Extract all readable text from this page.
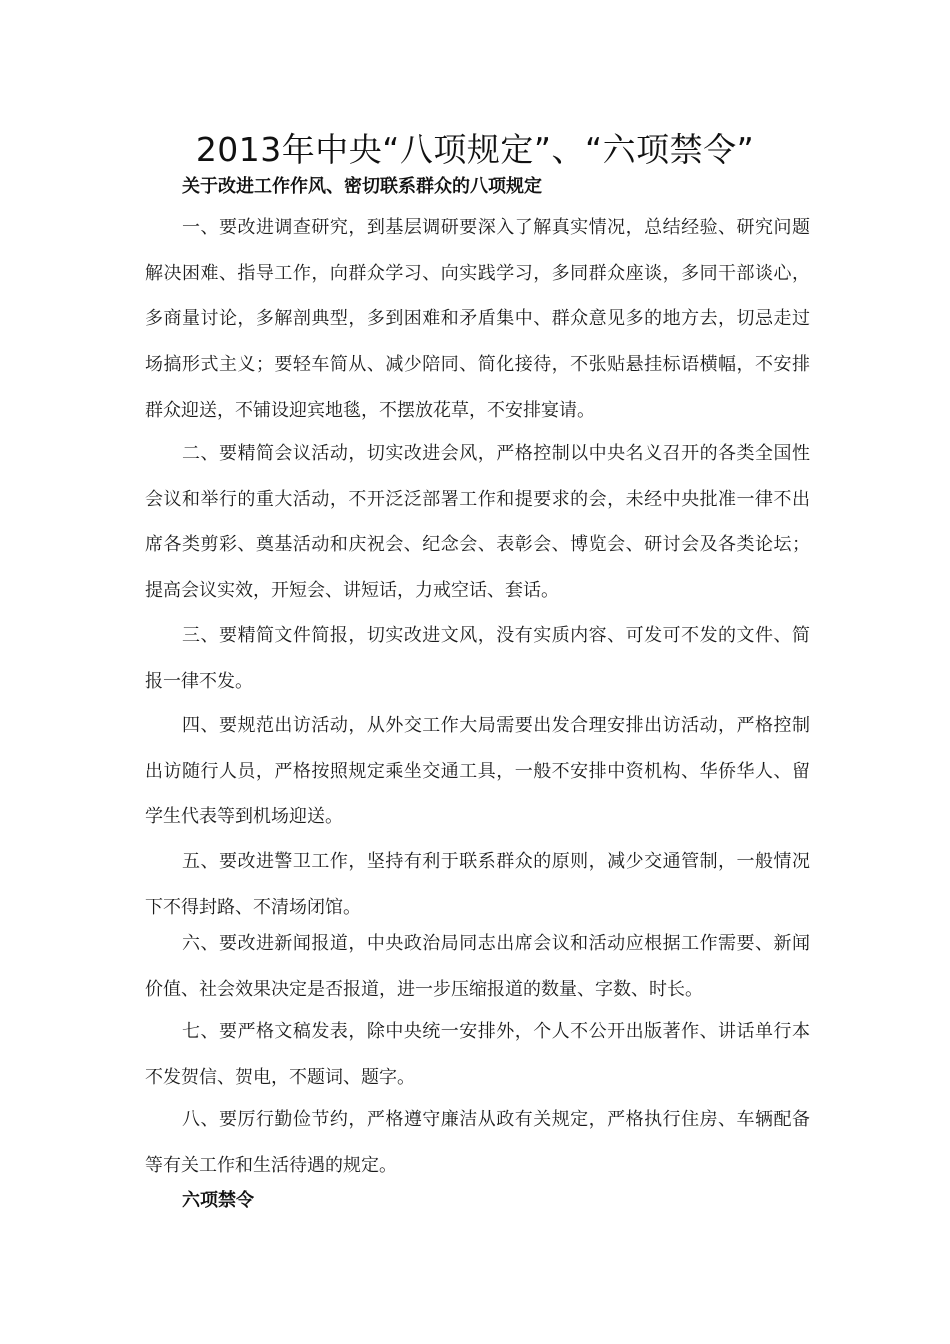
2013年中央“八项规定”、“六项禁令”
关于改进工作作风、密切联系群众的八项规定

一、要改进调查研究，到基层调研要深入了解真实情况，总结经验、研究问题解决困难、指导工作，向群众学习、向实践学习，多同群众座谈，多同干部谈心，多商量讨论，多解剖典型，多到困难和矛盾集中、群众意见多的地方去，切忌走过场搞形式主义；要轻车简从、减少陪同、简化接待，不张贴悬挂标语横幅，不安排群众迎送，不铺设迎宾地毯，不摆放花草，不安排宴请。

二、要精简会议活动，切实改进会风，严格控制以中央名义召开的各类全国性会议和举行的重大活动，不开泛泛部署工作和提要求的会，未经中央批准一律不出席各类剪彩、奠基活动和庆祝会、纪念会、表彰会、博览会、研讨会及各类论坛；提高会议实效，开短会、讲短话，力戒空话、套话。

三、要精简文件简报，切实改进文风，没有实质内容、可发可不发的文件、简报一律不发。

四、要规范出访活动，从外交工作大局需要出发合理安排出访活动，严格控制出访随行人员，严格按照规定乘坐交通工具，一般不安排中资机构、华侨华人、留学生代表等到机场迎送。

五、要改进警卫工作，坚持有利于联系群众的原则，减少交通管制，一般情况下不得封路、不清场闭馆。

六、要改进新闻报道，中央政治局同志出席会议和活动应根据工作需要、新闻价值、社会效果决定是否报道，进一步压缩报道的数量、字数、时长。

七、要严格文稿发表，除中央统一安排外，个人不公开出版著作、讲话单行本不发贺信、贺电，不题词、题字。

八、要厉行勤俭节约，严格遵守廉洁从政有关规定，严格执行住房、车辆配备等有关工作和生活待遇的规定。

六项禁令
